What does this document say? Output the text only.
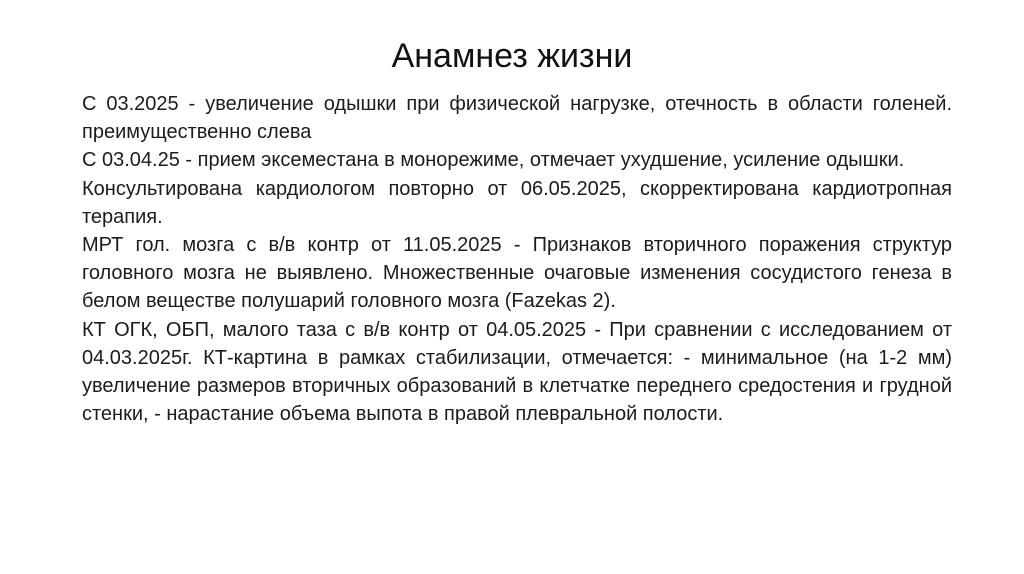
Анамнез жизни

С 03.2025 - увеличение одышки при физической нагрузке, отечность в области голеней. преимущественно слева

С 03.04.25 - прием эксеместана в монорежиме, отмечает ухудшение, усиление одышки.

Консультирована кардиологом повторно от 06.05.2025, скорректирована кардиотропная терапия.

МРТ гол. мозга с в/в контр от 11.05.2025 - Признаков вторичного поражения структур головного мозга не выявлено. Множественные очаговые изменения сосудистого генеза в белом веществе полушарий головного мозга (Fazekas 2).

КТ ОГК, ОБП, малого таза с в/в контр от 04.05.2025 - При сравнении с исследованием от 04.03.2025г. КТ-картина в рамках стабилизации, отмечается: - минимальное (на 1-2 мм) увеличение размеров вторичных образований в клетчатке переднего средостения и грудной стенки, - нарастание объема выпота в правой плевральной полости.
